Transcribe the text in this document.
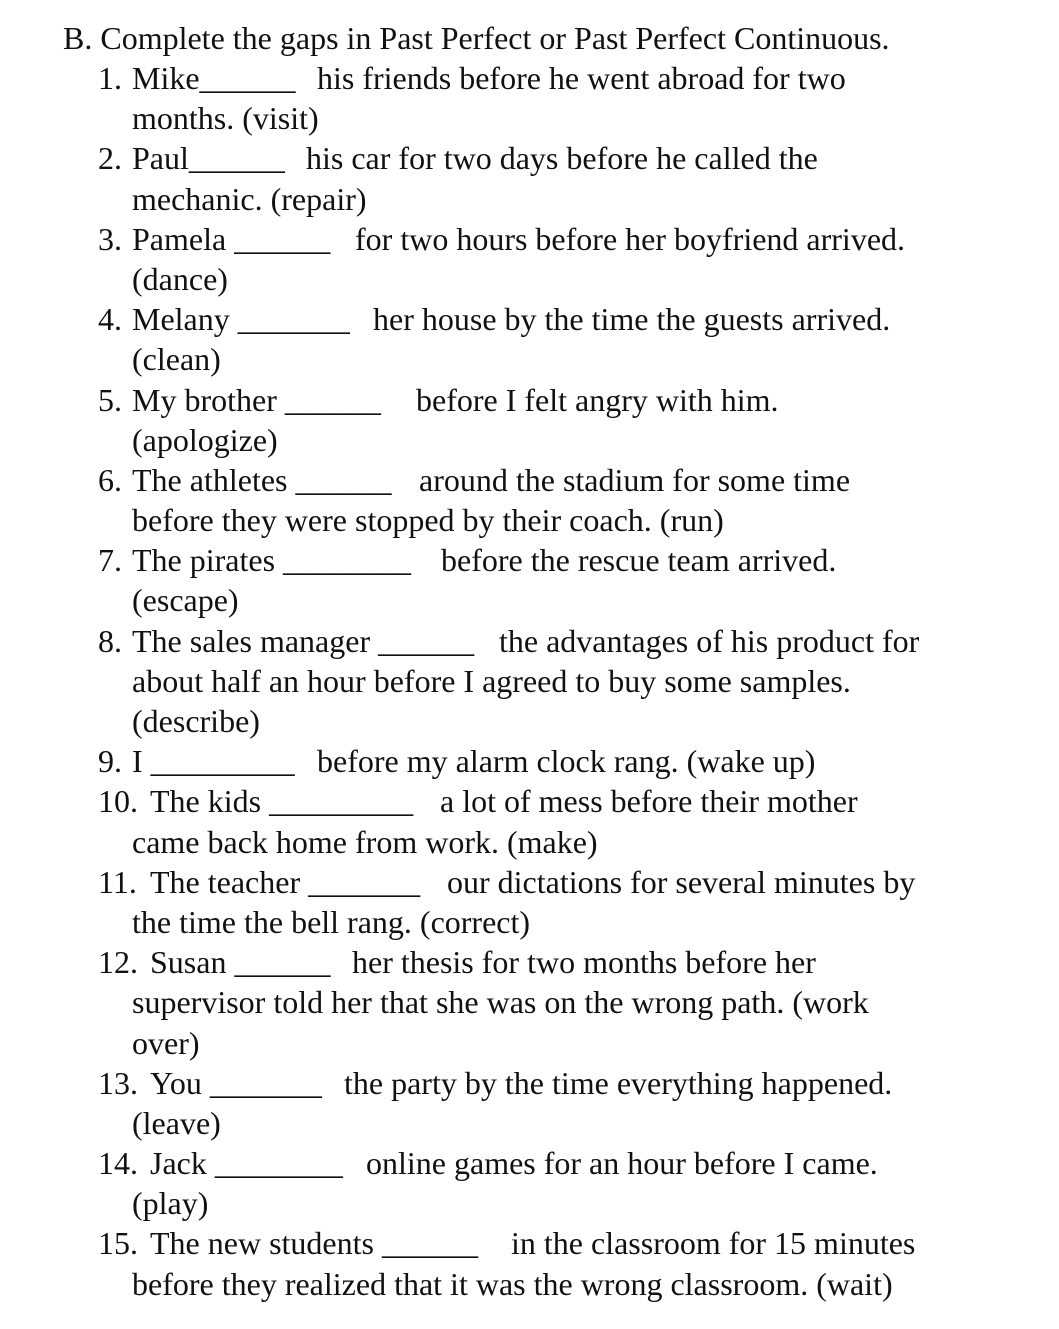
B. Complete the gaps in Past Perfect or Past Perfect Continuous.
1. Mike______ his friends before he went abroad for two
months. (visit)
2. Paul______ his car for two days before he called the
mechanic. (repair)
3. Pamela ______ for two hours before her boyfriend arrived.
(dance)
4. Melany _______ her house by the time the guests arrived.
(clean)
5. My brother ______ before I felt angry with him.
(apologize)
6. The athletes ______ around the stadium for some time
before they were stopped by their coach. (run)
7. The pirates ________ before the rescue team arrived.
(escape)
8. The sales manager ______ the advantages of his product for
about half an hour before I agreed to buy some samples.
(describe)
9. I _________ before my alarm clock rang. (wake up)
10. The kids _________ a lot of mess before their mother
came back home from work. (make)
11. The teacher _______ our dictations for several minutes by
the time the bell rang. (correct)
12. Susan ______ her thesis for two months before her
supervisor told her that she was on the wrong path. (work
over)
13. You _______ the party by the time everything happened.
(leave)
14. Jack ________ online games for an hour before I came.
(play)
15. The new students ______ in the classroom for 15 minutes
before they realized that it was the wrong classroom. (wait)
